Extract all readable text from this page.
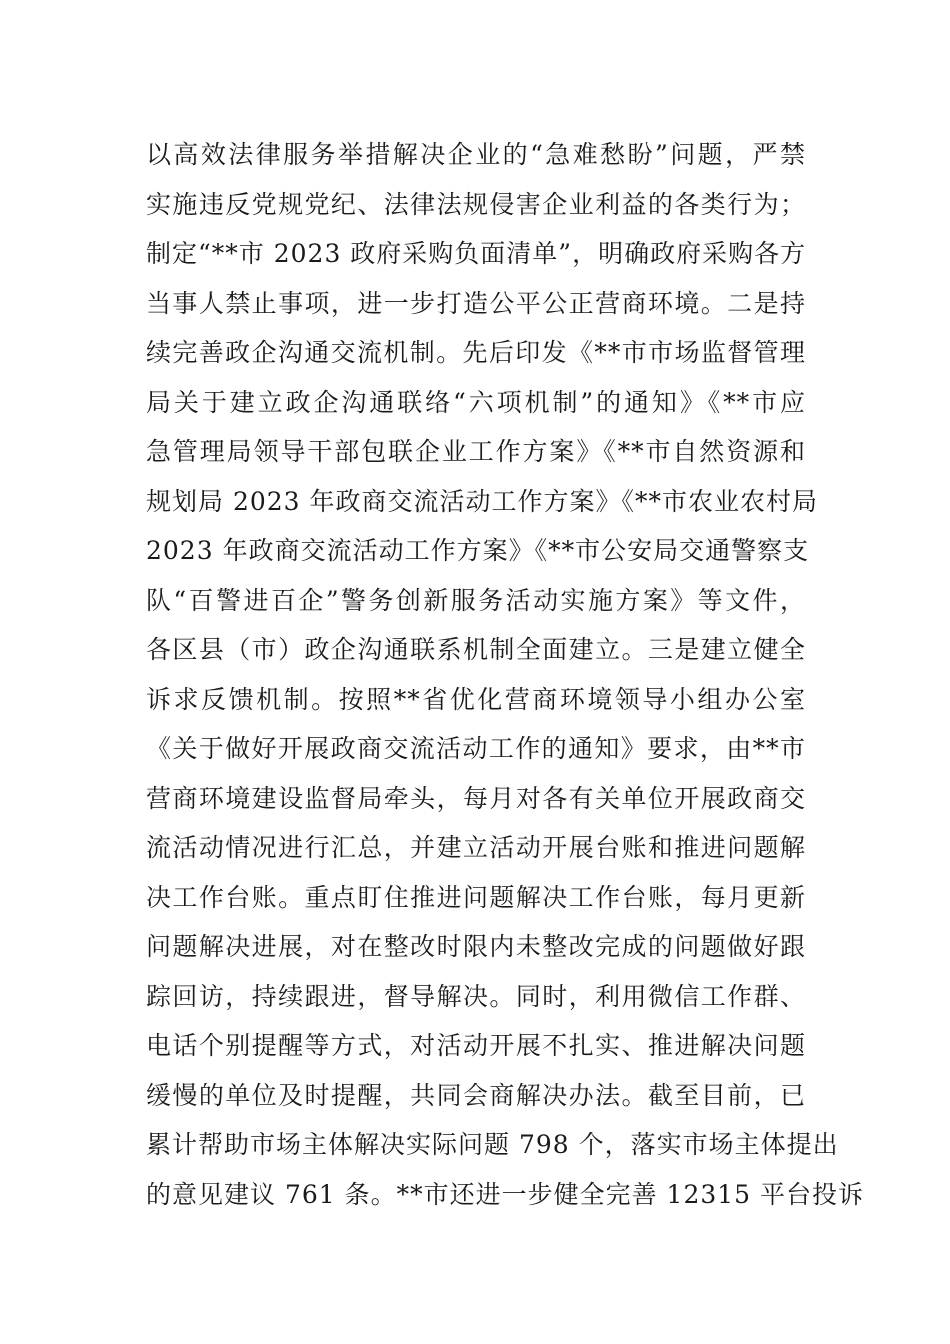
以高效法律服务举措解决企业的“急难愁盼”问题，严禁
实施违反党规党纪、法律法规侵害企业利益的各类行为；
制定“**市 2023 政府采购负面清单”，明确政府采购各方
当事人禁止事项，进一步打造公平公正营商环境。二是持
续完善政企沟通交流机制。先后印发《**市市场监督管理
局关于建立政企沟通联络“六项机制”的通知》《**市应
急管理局领导干部包联企业工作方案》《**市自然资源和
规划局 2023 年政商交流活动工作方案》《**市农业农村局
2023 年政商交流活动工作方案》《**市公安局交通警察支
队“百警进百企”警务创新服务活动实施方案》等文件，
各区县（市）政企沟通联系机制全面建立。三是建立健全
诉求反馈机制。按照**省优化营商环境领导小组办公室
《关于做好开展政商交流活动工作的通知》要求，由**市
营商环境建设监督局牵头，每月对各有关单位开展政商交
流活动情况进行汇总，并建立活动开展台账和推进问题解
决工作台账。重点盯住推进问题解决工作台账，每月更新
问题解决进展，对在整改时限内未整改完成的问题做好跟
踪回访，持续跟进，督导解决。同时，利用微信工作群、
电话个别提醒等方式，对活动开展不扎实、推进解决问题
缓慢的单位及时提醒，共同会商解决办法。截至目前，已
累计帮助市场主体解决实际问题 798 个，落实市场主体提出
的意见建议 761 条。**市还进一步健全完善 12315 平台投诉
